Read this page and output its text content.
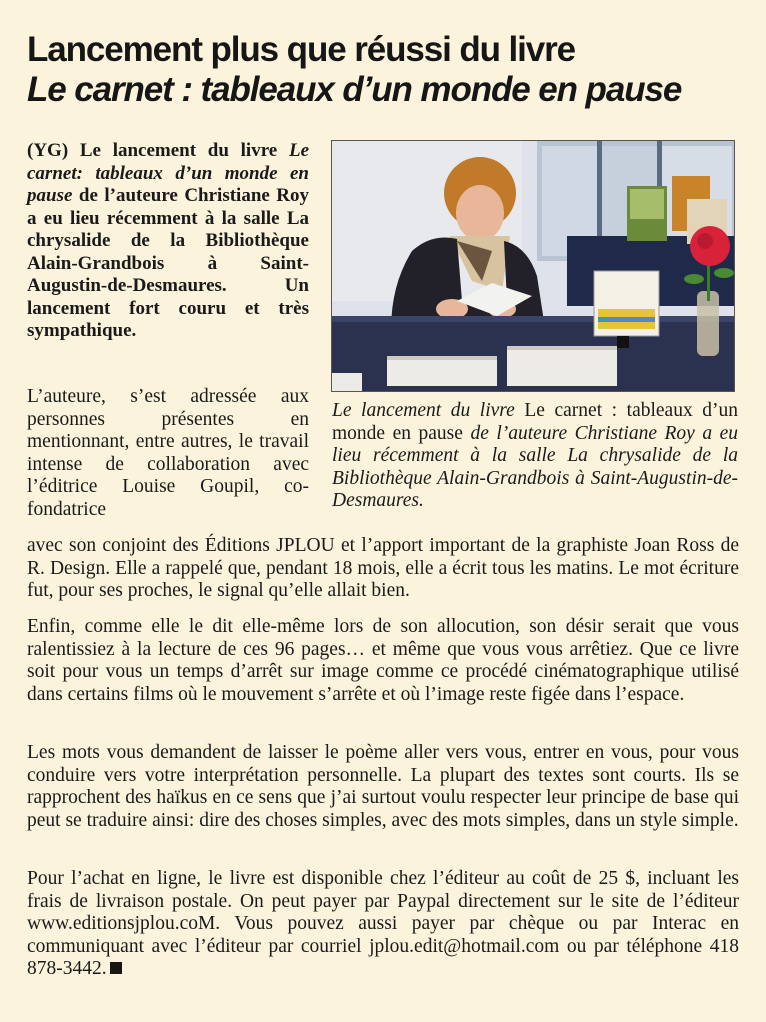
Lancement plus que réussi du livre
Le carnet : tableaux d’un monde en pause
(YG) Le lancement du livre Le carnet: tableaux d’un monde en pause de l’auteure Christiane Roy a eu lieu récemment à la salle La chrysalide de la Bibliothèque Alain-Grandbois à Saint-Augustin-de-Desmaures. Un lancement fort couru et très sympathique.
Le lancement du livre Le carnet : tableaux d’un monde en pause de l’auteure Christiane Roy a eu lieu récemment à la salle La chrysalide de la Bibliothèque Alain-Grandbois à Saint-Augustin-de-Desmaures.

L’auteure, s’est adressée aux personnes présentes en mentionnant, entre autres, le travail intense de collaboration avec l’éditrice Louise Goupil, co-fondatrice

avec son conjoint des Éditions JPLOU et l’apport important de la graphiste Joan Ross de R. Design. Elle a rappelé que, pendant 18 mois, elle a écrit tous les matins. Le mot écriture fut, pour ses proches, le signal qu’elle allait bien.

Enfin, comme elle le dit elle-même lors de son allocution, son désir serait que vous ralentissiez à la lecture de ces 96 pages… et même que vous vous arrêtiez. Que ce livre soit pour vous un temps d’arrêt sur image comme ce procédé cinématographique utilisé dans certains films où le mouvement s’arrête et où l’image reste figée dans l’espace.

Les mots vous demandent de laisser le poème aller vers vous, entrer en vous, pour vous conduire vers votre interprétation personnelle. La plupart des textes sont courts. Ils se rapprochent des haïkus en ce sens que j’ai surtout voulu respecter leur principe de base qui peut se traduire ainsi: dire des choses simples, avec des mots simples, dans un style simple.

Pour l’achat en ligne, le livre est disponible chez l’éditeur au coût de 25 $, incluant les frais de livraison postale. On peut payer par Paypal directement sur le site de l’éditeur www.editionsjplou.coM. Vous pouvez aussi payer par chèque ou par Interac en communiquant avec l’éditeur par courriel jplou.edit@hotmail.com ou par téléphone 418 878-3442.
